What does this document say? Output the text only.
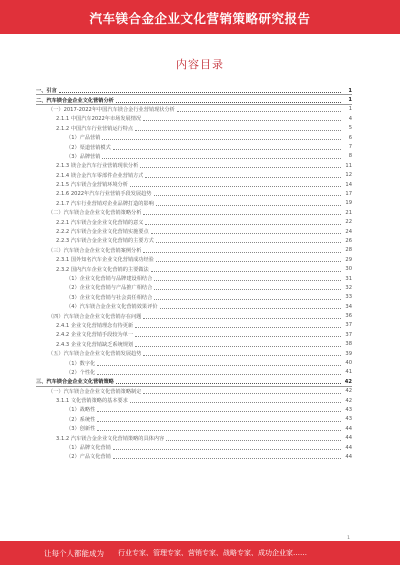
汽车镁合金企业文化营销策略研究报告
内容目录
一、引言	1
二、汽车镁合金企业文化营销分析	1
（一）2017-2022年中国汽车镁合金行业营销现状分析	1
2.1.1 中国汽车2022年市场发展情况	4
2.1.2 中国汽车行业营销运行特点	5
（1）产品营销	6
（2）渠道营销模式	7
（3）品牌营销	8
2.1.3 镁合金汽车行业营销现状分析	11
2.1.4 镁合金汽车零部件企业营销方式	12
2.1.5 汽车镁合金营销环境分析	14
2.1.6 2022年汽车行业营销手段发展趋势	17
2.1.7 汽车行业营销对企业品牌打造的影响	19
（二）汽车镁合金企业文化营销策略分析	21
2.2.1 汽车镁合金企业文化营销的意义	22
2.2.2 汽车镁合金企业文化营销实施要点	24
2.2.3 汽车镁合金企业文化营销的主要方式	26
（三）汽车镁合金企业文化营销案例分析	28
2.3.1 国外知名汽车企业文化营销成功经验	29
2.3.2 国内汽车企业文化营销的主要做法	30
（1）企业文化营销与品牌建设相结合	31
（2）企业文化营销与产品推广相结合	32
（3）企业文化营销与社会责任相结合	33
（4）汽车镁合金企业文化营销效果评价	34
（四）汽车镁合金企业文化营销存在问题	36
2.4.1 企业文化营销理念有待更新	37
2.4.2 企业文化营销手段较为单一	37
2.4.3 企业文化营销缺乏系统规划	38
（五）汽车镁合金企业文化营销发展趋势	39
（1）数字化	40
（2）个性化	41
三、汽车镁合金企业文化营销策略	42
（一）汽车镁合金企业文化营销策略制定	42
3.1.1 文化营销策略的基本要求	42
（1）战略性	43
（2）系统性	43
（3）创新性	44
3.1.2 汽车镁合金企业文化营销策略的具体内容	44
（1）品牌文化营销	44
（2）产品文化营销	44
1
让每个人都能成为 行业专家、管理专家、营销专家、战略专家、成功企业家……
